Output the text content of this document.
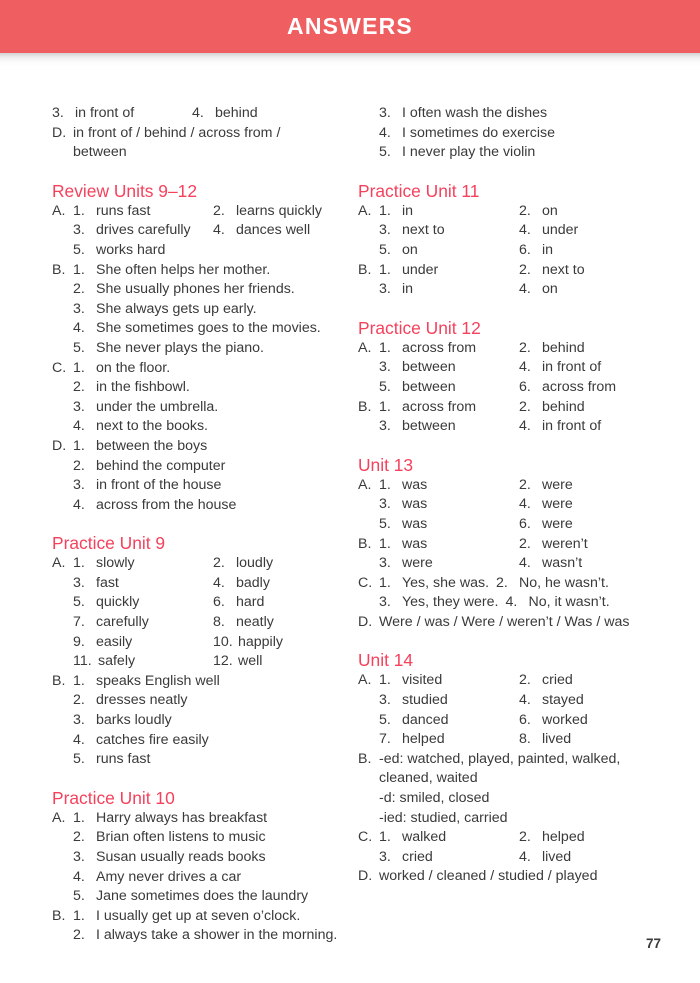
ANSWERS
3. in front of	4. behind
D. in front of / behind / across from /
between
Review Units 9–12
A. 1. runs fast	2. learns quickly
3. drives carefully 4. dances well
5. works hard
B. 1. She often helps her mother.
2. She usually phones her friends.
3. She always gets up early.
4. She sometimes goes to the movies.
5. She never plays the piano.
C. 1. on the floor.
2. in the fishbowl.
3. under the umbrella.
4. next to the books.
D. 1. between the boys
2. behind the computer
3. in front of the house
4. across from the house
Practice Unit 9
A. 1. slowly	2. loudly
3. fast	4. badly
5. quickly	6. hard
7. carefully	8. neatly
9. easily	10. happily
11. safely	12. well
B. 1. speaks English well
2. dresses neatly
3. barks loudly
4. catches fire easily
5. runs fast
Practice Unit 10
A. 1. Harry always has breakfast
2. Brian often listens to music
3. Susan usually reads books
4. Amy never drives a car
5. Jane sometimes does the laundry
B. 1. I usually get up at seven o’clock.
2. I always take a shower in the morning.
3. I often wash the dishes
4. I sometimes do exercise
5. I never play the violin
Practice Unit 11
A. 1. in	2. on
3. next to	4. under
5. on	6. in
B. 1. under	2. next to
3. in	4. on
Practice Unit 12
A. 1. across from	2. behind
3. between	4. in front of
5. between	6. across from
B. 1. across from	2. behind
3. between	4. in front of
Unit 13
A. 1. was	2. were
3. was	4. were
5. was	6. were
B. 1. was	2. weren’t
3. were	4. wasn’t
C. 1. Yes, she was. 2. No, he wasn’t.
3. Yes, they were. 4. No, it wasn’t.
D. Were / was / Were / weren’t / Was / was
Unit 14
A. 1. visited	2. cried
3. studied	4. stayed
5. danced	6. worked
7. helped	8. lived
B. -ed: watched, played, painted, walked,
cleaned, waited
-d: smiled, closed
-ied: studied, carried
C. 1. walked	2. helped
3. cried	4. lived
D. worked / cleaned / studied / played
77
